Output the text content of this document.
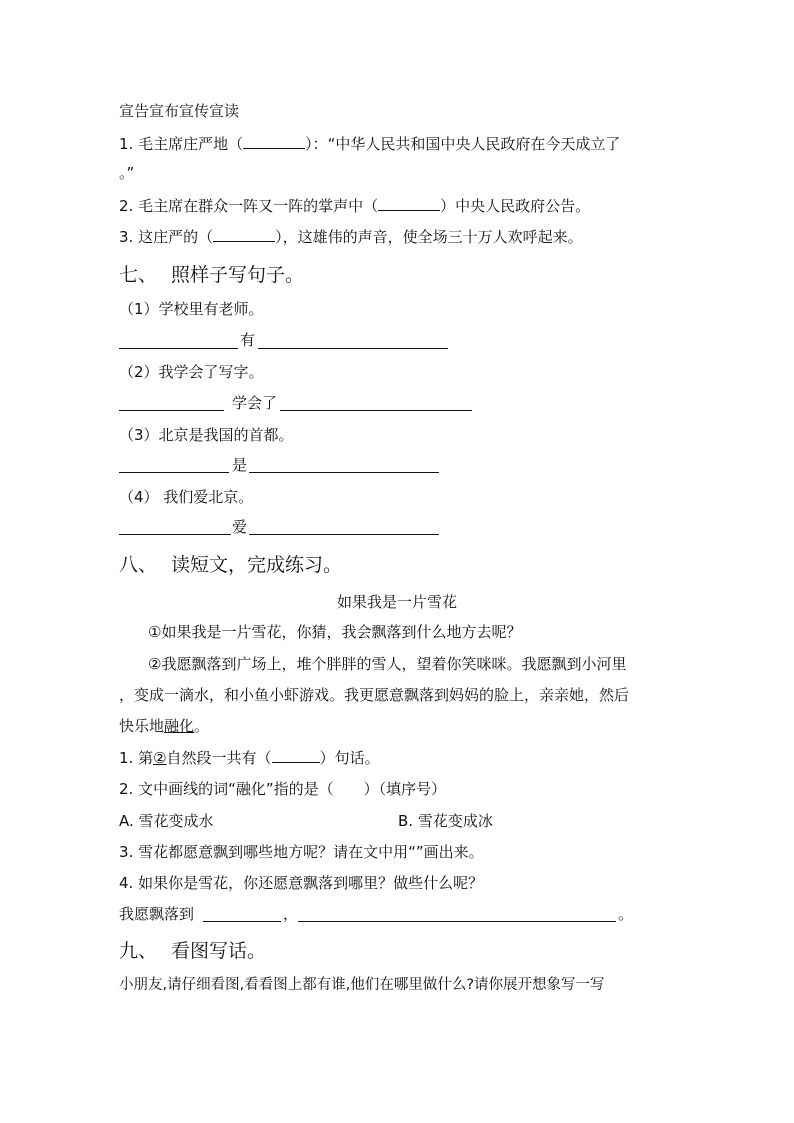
宣告宣布宣传宣读
1. 毛主席庄严地（	）：“中华人民共和国中央人民政府在今天成立了
。”
2. 毛主席在群众一阵又一阵的掌声中（	）中央人民政府公告。
3. 这庄严的（	），这雄伟的声音，使全场三十万人欢呼起来。
七、 照样子写句子。
（1）学校里有老师。
有
（2）我学会了写字。
学会了
（3）北京是我国的首都。
是
（4） 我们爱北京。
爱
八、 读短文，完成练习。
如果我是一片雪花
①如果我是一片雪花，你猜，我会飘落到什么地方去呢？
②我愿飘落到广场上，堆个胖胖的雪人，望着你笑咪咪。我愿飘到小河里
，变成一滴水，和小鱼小虾游戏。我更愿意飘落到妈妈的脸上，亲亲她，然后
快乐地融化。
1. 第②自然段一共有（	）句话。
2. 文中画线的词“融化”指的是（　　）（填序号）
A. 雪花变成水	B. 雪花变成冰
3. 雪花都愿意飘到哪些地方呢？请在文中用“”画出来。
4. 如果你是雪花，你还愿意飘落到哪里？做些什么呢？
我愿飘落到	，	。
九、 看图写话。
小朋友,请仔细看图,看看图上都有谁,他们在哪里做什么?请你展开想象写一写
